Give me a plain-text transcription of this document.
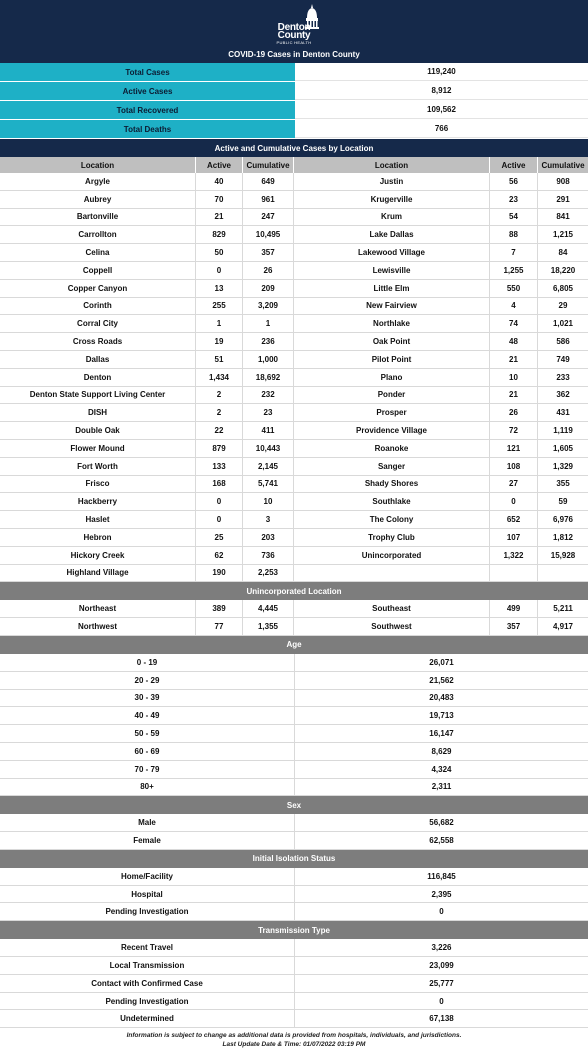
Denton
County
PUBLIC HEALTH
COVID-19 Cases in Denton County
Total Cases	119,240
Active Cases	8,912
Total Recovered	109,562
Total Deaths	766
Active and Cumulative Cases by Location
Location	Active	Cumulative	Location	Active	Cumulative
Argyle	40	649	Justin	56	908
Aubrey	70	961	Krugerville	23	291
Bartonville	21	247	Krum	54	841
Carrollton	829	10,495	Lake Dallas	88	1,215
Celina	50	357	Lakewood Village	7	84
Coppell	0	26	Lewisville	1,255	18,220
Copper Canyon	13	209	Little Elm	550	6,805
Corinth	255	3,209	New Fairview	4	29
Corral City	1	1	Northlake	74	1,021
Cross Roads	19	236	Oak Point	48	586
Dallas	51	1,000	Pilot Point	21	749
Denton	1,434	18,692	Plano	10	233
Denton State Support Living Center	2	232	Ponder	21	362
DISH	2	23	Prosper	26	431
Double Oak	22	411	Providence Village	72	1,119
Flower Mound	879	10,443	Roanoke	121	1,605
Fort Worth	133	2,145	Sanger	108	1,329
Frisco	168	5,741	Shady Shores	27	355
Hackberry	0	10	Southlake	0	59
Haslet	0	3	The Colony	652	6,976
Hebron	25	203	Trophy Club	107	1,812
Hickory Creek	62	736	Unincorporated	1,322	15,928
Highland Village	190	2,253
Unincorporated Location
Northeast	389	4,445	Southeast	499	5,211
Northwest	77	1,355	Southwest	357	4,917
Age
0 - 19	26,071
20 - 29	21,562
30 - 39	20,483
40 - 49	19,713
50 - 59	16,147
60 - 69	8,629
70 - 79	4,324
80+	2,311
Sex
Male	56,682
Female	62,558
Initial Isolation Status
Home/Facility	116,845
Hospital	2,395
Pending Investigation	0
Transmission Type
Recent Travel	3,226
Local Transmission	23,099
Contact with Confirmed Case	25,777
Pending Investigation	0
Undetermined	67,138
Information is subject to change as additional data is provided from hospitals, individuals, and jurisdictions.
Last Update Date & Time: 01/07/2022 03:19 PM
